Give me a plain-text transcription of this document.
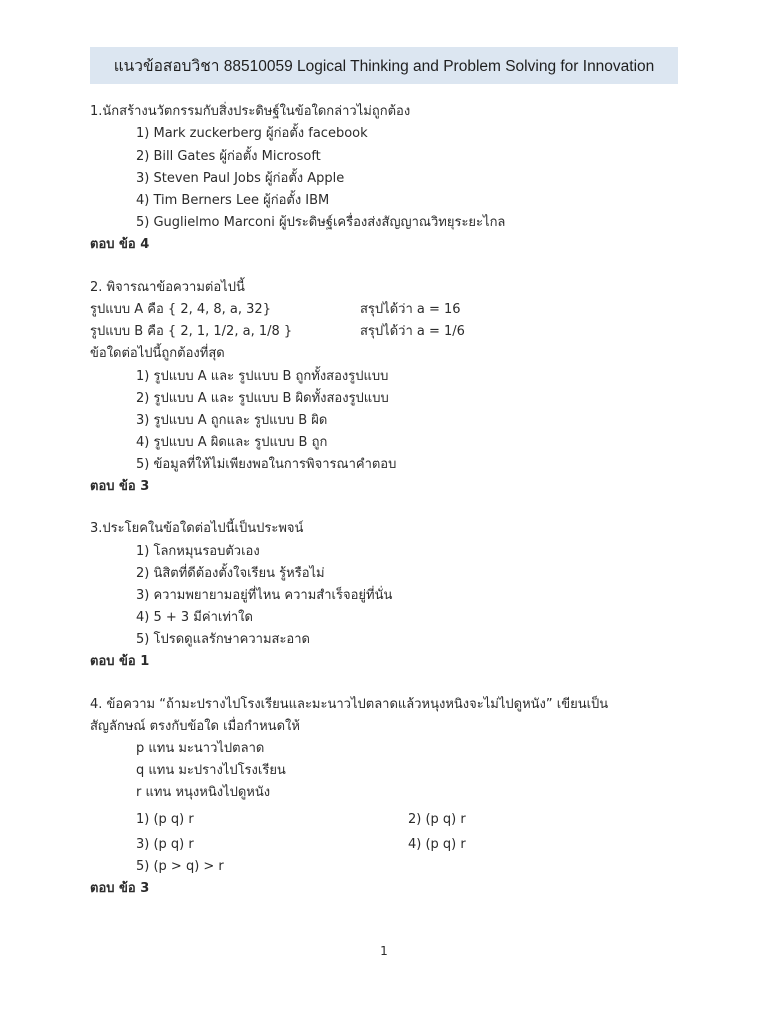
แนวข้อสอบวิชา 88510059 Logical Thinking and Problem Solving for Innovation
1.นักสร้างนวัตกรรมกับสิ่งประดิษฐ์ในข้อใดกล่าวไม่ถูกต้อง
1) Mark zuckerberg ผู้ก่อตั้ง facebook
2) Bill Gates ผู้ก่อตั้ง Microsoft
3) Steven Paul Jobs ผู้ก่อตั้ง Apple
4) Tim Berners Lee ผู้ก่อตั้ง IBM
5) Guglielmo Marconi ผู้ประดิษฐ์เครื่องส่งสัญญาณวิทยุระยะไกล
ตอบ ข้อ 4
2. พิจารณาข้อความต่อไปนี้
รูปแบบ A คือ { 2, 4, 8, a, 32}	สรุปได้ว่า a = 16
รูปแบบ B คือ { 2, 1, 1/2, a, 1/8 }	สรุปได้ว่า a = 1/6
ข้อใดต่อไปนี้ถูกต้องที่สุด
1) รูปแบบ A และ รูปแบบ B ถูกทั้งสองรูปแบบ
2) รูปแบบ A และ รูปแบบ B ผิดทั้งสองรูปแบบ
3) รูปแบบ A ถูกและ รูปแบบ B ผิด
4) รูปแบบ A ผิดและ รูปแบบ B ถูก
5) ข้อมูลที่ให้ไม่เพียงพอในการพิจารณาคำตอบ
ตอบ ข้อ 3
3.ประโยคในข้อใดต่อไปนี้เป็นประพจน์
1) โลกหมุนรอบตัวเอง
2) นิสิตที่ดีต้องตั้งใจเรียน รู้หรือไม่
3) ความพยายามอยู่ที่ไหน ความสำเร็จอยู่ที่นั่น
4) 5 + 3 มีค่าเท่าใด
5) โปรดดูแลรักษาความสะอาด
ตอบ ข้อ 1
4. ข้อความ “ถ้ามะปรางไปโรงเรียนและมะนาวไปตลาดแล้วหนุงหนิงจะไม่ไปดูหนัง” เขียนเป็น
สัญลักษณ์ ตรงกับข้อใด เมื่อกำหนดให้
p แทน มะนาวไปตลาด
q แทน มะปรางไปโรงเรียน
r แทน หนุงหนิงไปดูหนัง
1) (p q) r	2) (p q) r
3) (p q) r	4) (p q) r
5) (p > q) > r
ตอบ ข้อ 3
1
